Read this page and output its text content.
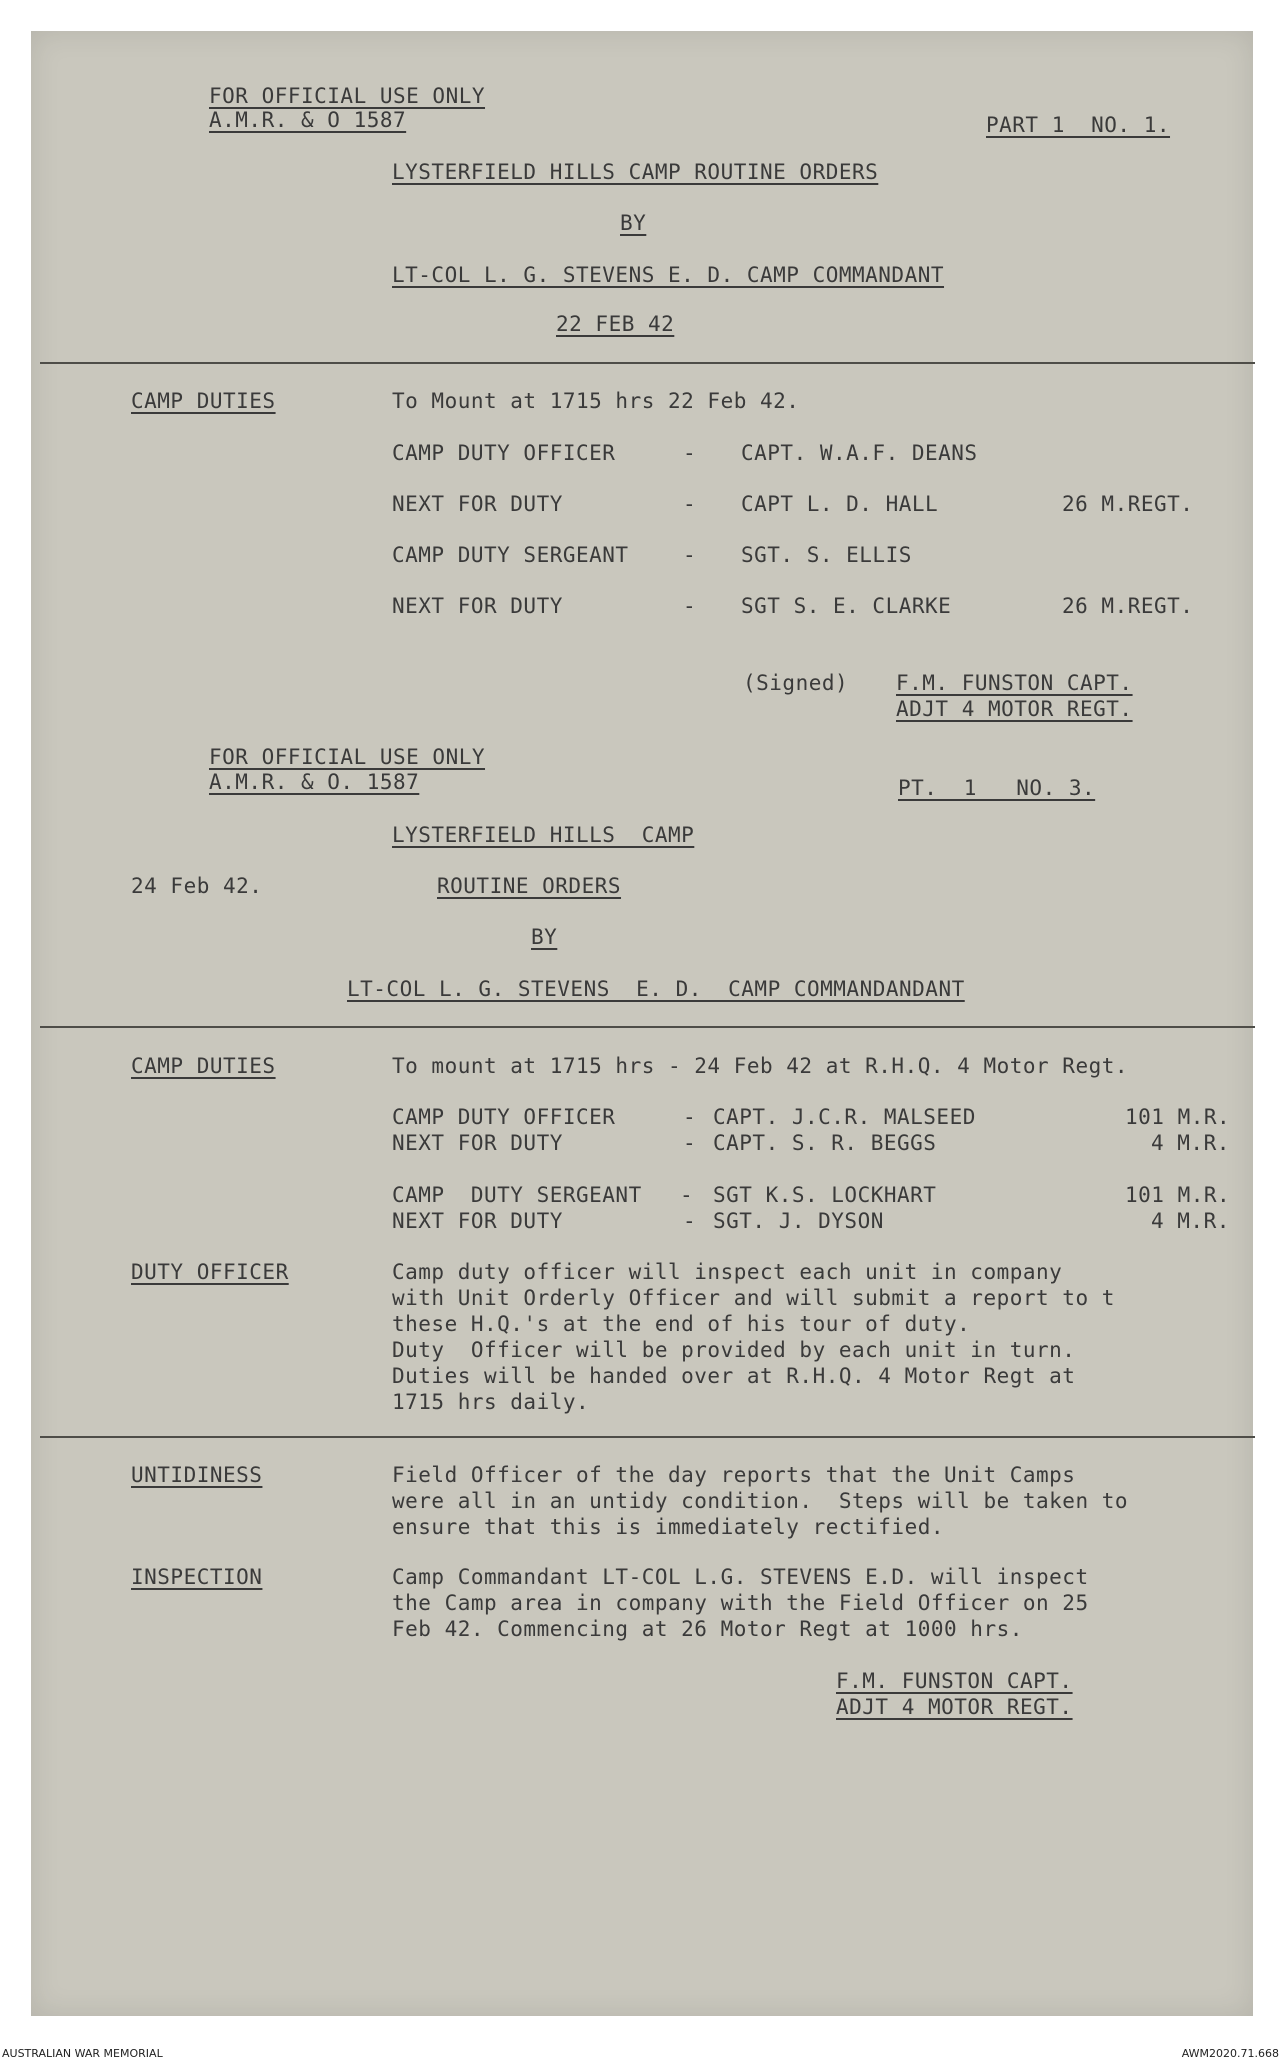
FOR OFFICIAL USE ONLY
A.M.R. & O 1587	PART 1  NO. 1.
LYSTERFIELD HILLS CAMP ROUTINE ORDERS
BY
LT-COL L. G. STEVENS E. D. CAMP COMMANDANT
22 FEB 42
CAMP DUTIES	To Mount at 1715 hrs 22 Feb 42.
CAMP DUTY OFFICER	- CAPT. W.A.F. DEANS
NEXT FOR DUTY	- CAPT L. D. HALL	26 M.REGT.
CAMP DUTY SERGEANT	- SGT. S. ELLIS
NEXT FOR DUTY	- SGT S. E. CLARKE	26 M.REGT.
(Signed) F.M. FUNSTON CAPT.
ADJT 4 MOTOR REGT.
FOR OFFICIAL USE ONLY
A.M.R. & O. 1587	PT.  1   NO. 3.
LYSTERFIELD HILLS  CAMP
24 Feb 42.	ROUTINE ORDERS
BY
LT-COL L. G. STEVENS  E. D.  CAMP COMMANDANDANT
CAMP DUTIES	To mount at 1715 hrs - 24 Feb 42 at R.H.Q. 4 Motor Regt.
CAMP DUTY OFFICER	- CAPT. J.C.R. MALSEED	101 M.R.
NEXT FOR DUTY	- CAPT. S. R. BEGGS	4 M.R.
CAMP  DUTY SERGEANT - SGT K.S. LOCKHART	101 M.R.
NEXT FOR DUTY	- SGT. J. DYSON	4 M.R.
DUTY OFFICER	Camp duty officer will inspect each unit in company
with Unit Orderly Officer and will submit a report to t
these H.Q.'s at the end of his tour of duty.
Duty  Officer will be provided by each unit in turn.
Duties will be handed over at R.H.Q. 4 Motor Regt at
1715 hrs daily.
UNTIDINESS	Field Officer of the day reports that the Unit Camps
were all in an untidy condition.  Steps will be taken to
ensure that this is immediately rectified.
INSPECTION	Camp Commandant LT-COL L.G. STEVENS E.D. will inspect
the Camp area in company with the Field Officer on 25
Feb 42. Commencing at 26 Motor Regt at 1000 hrs.
F.M. FUNSTON CAPT.
ADJT 4 MOTOR REGT.
AUSTRALIAN WAR MEMORIAL	AWM2020.71.668
